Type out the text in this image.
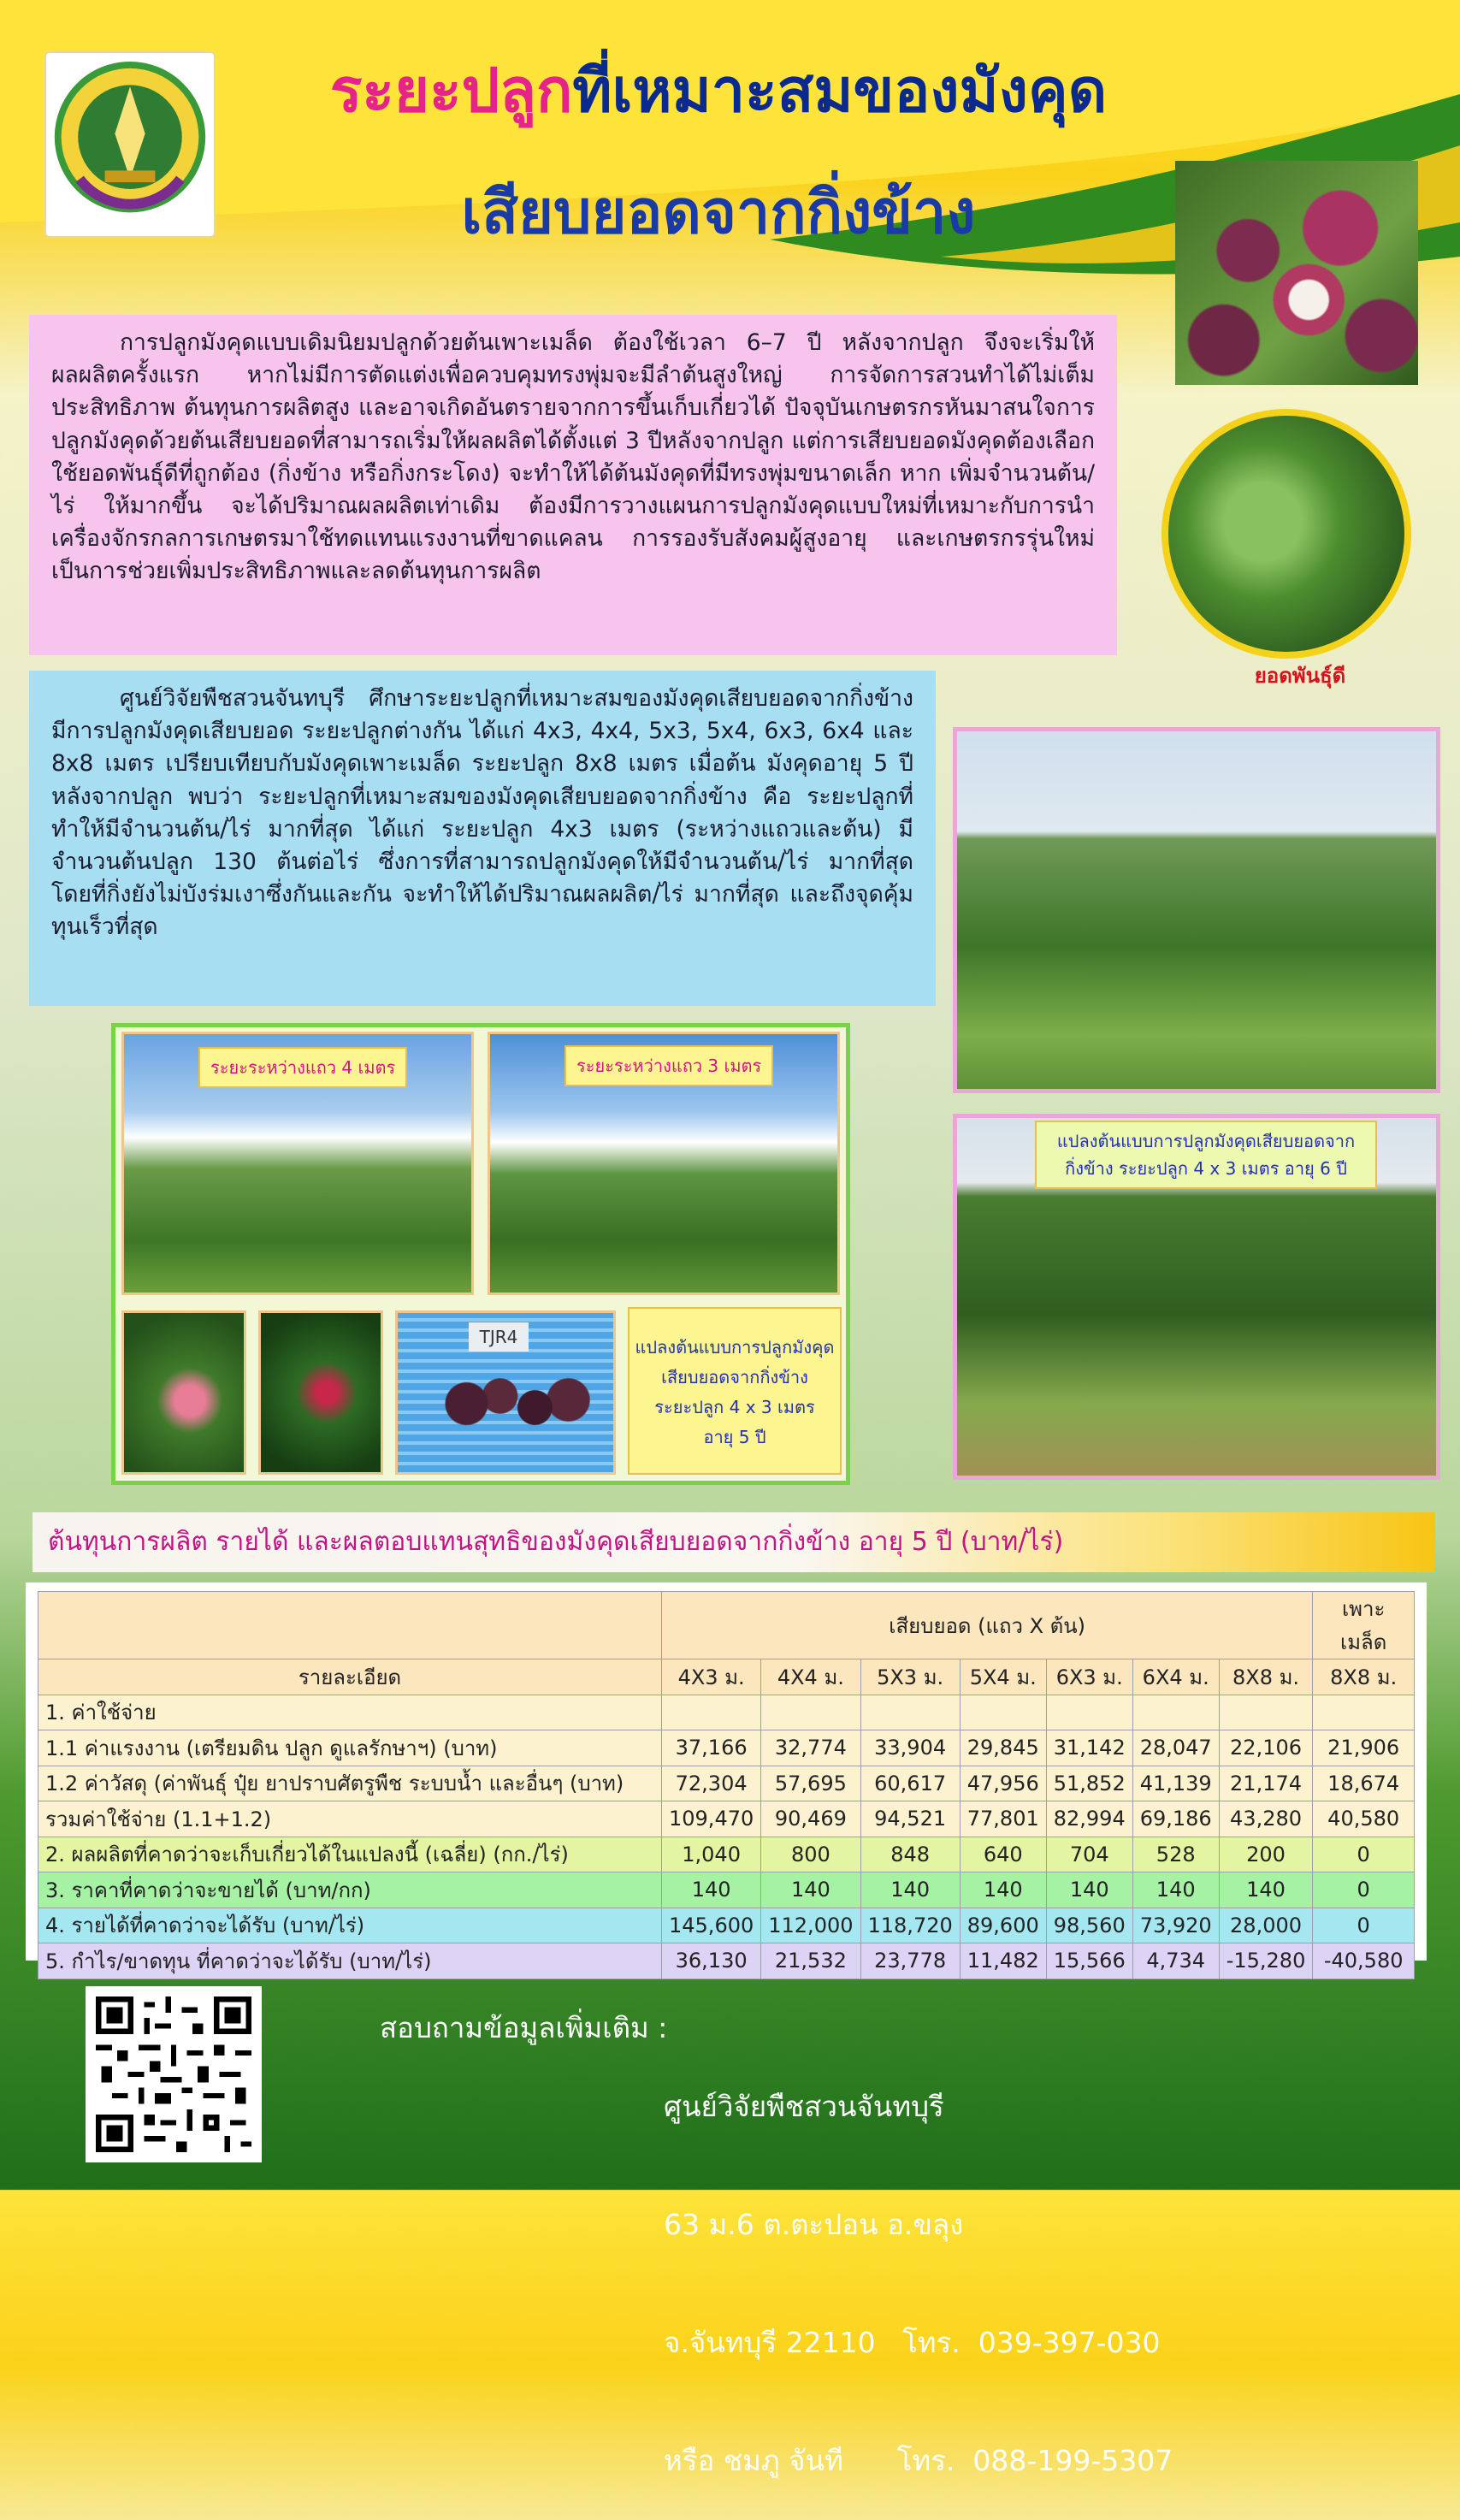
ระยะปลูกที่เหมาะสมของมังคุด
เสียบยอดจากกิ่งข้าง
ยอดพันธุ์ดี
การปลูกมังคุดแบบเดิมนิยมปลูกด้วยต้นเพาะเมล็ด ต้องใช้เวลา 6–7 ปี หลังจากปลูก จึงจะเริ่มให้ผลผลิตครั้งแรก หากไม่มีการตัดแต่งเพื่อควบคุมทรงพุ่มจะมีลำต้นสูงใหญ่ การจัดการสวนทำได้ไม่เต็มประสิทธิภาพ ต้นทุนการผลิตสูง และอาจเกิดอันตรายจากการขึ้นเก็บเกี่ยวได้ ปัจจุบันเกษตรกรหันมาสนใจการปลูกมังคุดด้วยต้นเสียบยอดที่สามารถเริ่มให้ผลผลิตได้ตั้งแต่ 3 ปีหลังจากปลูก แต่การเสียบยอดมังคุดต้องเลือกใช้ยอดพันธุ์ดีที่ถูกต้อง (กิ่งข้าง หรือกิ่งกระโดง) จะทำให้ได้ต้นมังคุดที่มีทรงพุ่มขนาดเล็ก หาก เพิ่มจำนวนต้น/ไร่ ให้มากขึ้น จะได้ปริมาณผลผลิตเท่าเดิม ต้องมีการวางแผนการปลูกมังคุดแบบใหม่ที่เหมาะกับการนำเครื่องจักรกลการเกษตรมาใช้ทดแทนแรงงานที่ขาดแคลน การรองรับสังคมผู้สูงอายุ และเกษตรกรรุ่นใหม่ เป็นการช่วยเพิ่มประสิทธิภาพและลดต้นทุนการผลิต
ศูนย์วิจัยพืชสวนจันทบุรี ศึกษาระยะปลูกที่เหมาะสมของมังคุดเสียบยอดจากกิ่งข้าง มีการปลูกมังคุดเสียบยอด ระยะปลูกต่างกัน ได้แก่ 4x3, 4x4, 5x3, 5x4, 6x3, 6x4 และ 8x8 เมตร เปรียบเทียบกับมังคุดเพาะเมล็ด ระยะปลูก 8x8 เมตร เมื่อต้น มังคุดอายุ 5 ปี หลังจากปลูก พบว่า ระยะปลูกที่เหมาะสมของมังคุดเสียบยอดจากกิ่งข้าง คือ ระยะปลูกที่ทำให้มีจำนวนต้น/ไร่ มากที่สุด ได้แก่ ระยะปลูก 4x3 เมตร (ระหว่างแถวและต้น) มีจำนวนต้นปลูก 130 ต้นต่อไร่ ซึ่งการที่สามารถปลูกมังคุดให้มีจำนวนต้น/ไร่ มากที่สุด โดยที่กิ่งยังไม่บังร่มเงาซึ่งกันและกัน จะทำให้ได้ปริมาณผลผลิต/ไร่ มากที่สุด และถึงจุดคุ้มทุนเร็วที่สุด
แปลงต้นแบบการปลูกมังคุดเสียบยอดจาก
กิ่งข้าง ระยะปลูก 4 x 3 เมตร อายุ 6 ปี
ระยะระหว่างแถว 4 เมตร	ระยะระหว่างแถว 3 เมตร
TJR4	แปลงต้นแบบการปลูกมังคุด
เสียบยอดจากกิ่งข้าง
ระยะปลูก 4 x 3 เมตร
อายุ 5 ปี
ต้นทุนการผลิต รายได้ และผลตอบแทนสุทธิของมังคุดเสียบยอดจากกิ่งข้าง อายุ 5 ปี (บาท/ไร่)
	เสียบยอด (แถว X ต้น)							เพาะเมล็ด
รายละเอียด	4X3 ม.	4X4 ม.	5X3 ม.	5X4 ม.	6X3 ม.	6X4 ม.	8X8 ม.	8X8 ม.
1. ค่าใช้จ่าย								
1.1 ค่าแรงงาน (เตรียมดิน ปลูก ดูแลรักษาฯ) (บาท)	37,166	32,774	33,904	29,845	31,142	28,047	22,106	21,906
1.2 ค่าวัสดุ (ค่าพันธุ์ ปุ๋ย ยาปราบศัตรูพืช ระบบน้ำ และอื่นๆ (บาท)	72,304	57,695	60,617	47,956	51,852	41,139	21,174	18,674
รวมค่าใช้จ่าย (1.1+1.2)	109,470	90,469	94,521	77,801	82,994	69,186	43,280	40,580
2. ผลผลิตที่คาดว่าจะเก็บเกี่ยวได้ในแปลงนี้ (เฉลี่ย) (กก./ไร่)	1,040	800	848	640	704	528	200	0
3. ราคาที่คาดว่าจะขายได้ (บาท/กก)	140	140	140	140	140	140	140	0
4. รายได้ที่คาดว่าจะได้รับ (บาท/ไร่)	145,600	112,000	118,720	89,600	98,560	73,920	28,000	0
5. กำไร/ขาดทุน ที่คาดว่าจะได้รับ (บาท/ไร่)	36,130	21,532	23,778	11,482	15,566	4,734	-15,280	-40,580
สอบถามข้อมูลเพิ่มเติม :

ศูนย์วิจัยพืชสวนจันทบุรี

63 ม.6 ต.ตะปอน อ.ขลุง

จ.จันทบุรี 22110   โทร.  039-397-030

หรือ ชมภู จันที      โทร.  088-199-5307
